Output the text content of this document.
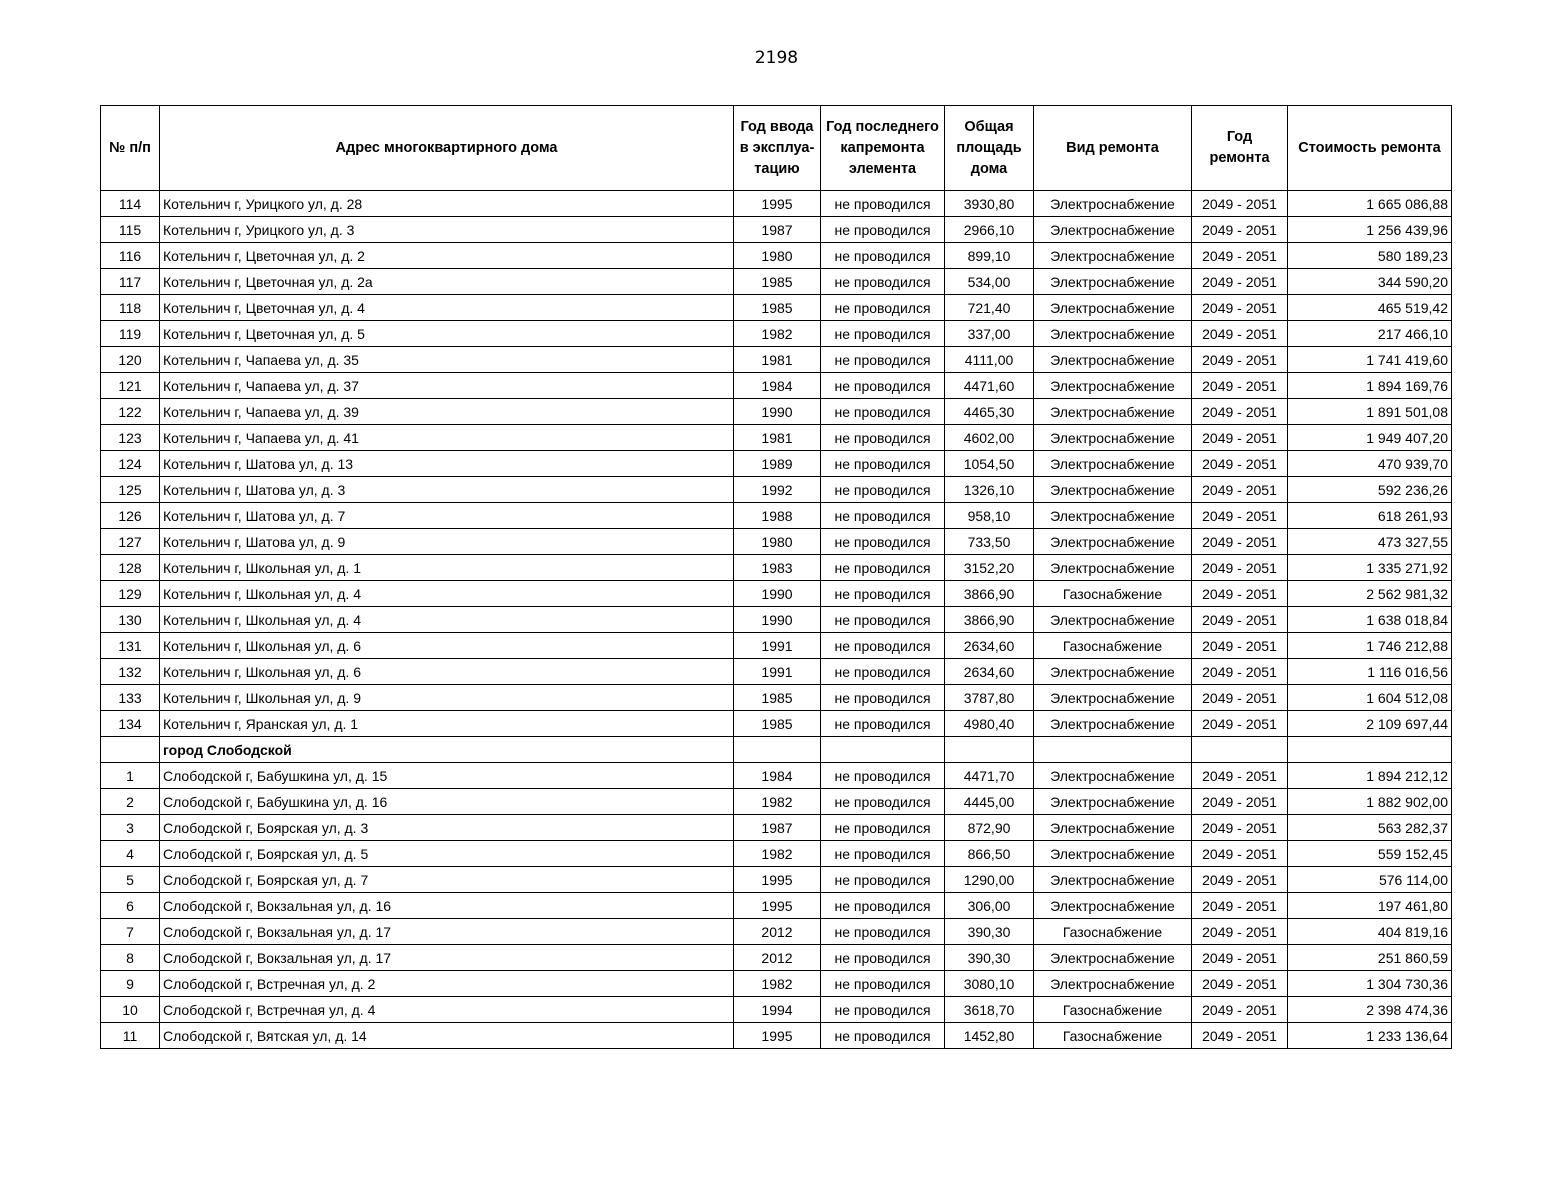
2198
№ п/п	Адрес многоквартирного дома	Год ввода в эксплуа-тацию	Год последнего капремонта элемента	Общая площадь дома	Вид ремонта	Год ремонта	Стоимость ремонта
114	Котельнич г, Урицкого ул, д. 28	1995	не проводился	3930,80	Электроснабжение	2049 - 2051	1 665 086,88
115	Котельнич г, Урицкого ул, д. 3	1987	не проводился	2966,10	Электроснабжение	2049 - 2051	1 256 439,96
116	Котельнич г, Цветочная ул, д. 2	1980	не проводился	899,10	Электроснабжение	2049 - 2051	580 189,23
117	Котельнич г, Цветочная ул, д. 2а	1985	не проводился	534,00	Электроснабжение	2049 - 2051	344 590,20
118	Котельнич г, Цветочная ул, д. 4	1985	не проводился	721,40	Электроснабжение	2049 - 2051	465 519,42
119	Котельнич г, Цветочная ул, д. 5	1982	не проводился	337,00	Электроснабжение	2049 - 2051	217 466,10
120	Котельнич г, Чапаева ул, д. 35	1981	не проводился	4111,00	Электроснабжение	2049 - 2051	1 741 419,60
121	Котельнич г, Чапаева ул, д. 37	1984	не проводился	4471,60	Электроснабжение	2049 - 2051	1 894 169,76
122	Котельнич г, Чапаева ул, д. 39	1990	не проводился	4465,30	Электроснабжение	2049 - 2051	1 891 501,08
123	Котельнич г, Чапаева ул, д. 41	1981	не проводился	4602,00	Электроснабжение	2049 - 2051	1 949 407,20
124	Котельнич г, Шатова ул, д. 13	1989	не проводился	1054,50	Электроснабжение	2049 - 2051	470 939,70
125	Котельнич г, Шатова ул, д. 3	1992	не проводился	1326,10	Электроснабжение	2049 - 2051	592 236,26
126	Котельнич г, Шатова ул, д. 7	1988	не проводился	958,10	Электроснабжение	2049 - 2051	618 261,93
127	Котельнич г, Шатова ул, д. 9	1980	не проводился	733,50	Электроснабжение	2049 - 2051	473 327,55
128	Котельнич г, Школьная ул, д. 1	1983	не проводился	3152,20	Электроснабжение	2049 - 2051	1 335 271,92
129	Котельнич г, Школьная ул, д. 4	1990	не проводился	3866,90	Газоснабжение	2049 - 2051	2 562 981,32
130	Котельнич г, Школьная ул, д. 4	1990	не проводился	3866,90	Электроснабжение	2049 - 2051	1 638 018,84
131	Котельнич г, Школьная ул, д. 6	1991	не проводился	2634,60	Газоснабжение	2049 - 2051	1 746 212,88
132	Котельнич г, Школьная ул, д. 6	1991	не проводился	2634,60	Электроснабжение	2049 - 2051	1 116 016,56
133	Котельнич г, Школьная ул, д. 9	1985	не проводился	3787,80	Электроснабжение	2049 - 2051	1 604 512,08
134	Котельнич г, Яранская ул, д. 1	1985	не проводился	4980,40	Электроснабжение	2049 - 2051	2 109 697,44
	город Слободской						
1	Слободской г, Бабушкина ул, д. 15	1984	не проводился	4471,70	Электроснабжение	2049 - 2051	1 894 212,12
2	Слободской г, Бабушкина ул, д. 16	1982	не проводился	4445,00	Электроснабжение	2049 - 2051	1 882 902,00
3	Слободской г, Боярская ул, д. 3	1987	не проводился	872,90	Электроснабжение	2049 - 2051	563 282,37
4	Слободской г, Боярская ул, д. 5	1982	не проводился	866,50	Электроснабжение	2049 - 2051	559 152,45
5	Слободской г, Боярская ул, д. 7	1995	не проводился	1290,00	Электроснабжение	2049 - 2051	576 114,00
6	Слободской г, Вокзальная ул, д. 16	1995	не проводился	306,00	Электроснабжение	2049 - 2051	197 461,80
7	Слободской г, Вокзальная ул, д. 17	2012	не проводился	390,30	Газоснабжение	2049 - 2051	404 819,16
8	Слободской г, Вокзальная ул, д. 17	2012	не проводился	390,30	Электроснабжение	2049 - 2051	251 860,59
9	Слободской г, Встречная ул, д. 2	1982	не проводился	3080,10	Электроснабжение	2049 - 2051	1 304 730,36
10	Слободской г, Встречная ул, д. 4	1994	не проводился	3618,70	Газоснабжение	2049 - 2051	2 398 474,36
11	Слободской г, Вятская ул, д. 14	1995	не проводился	1452,80	Газоснабжение	2049 - 2051	1 233 136,64
